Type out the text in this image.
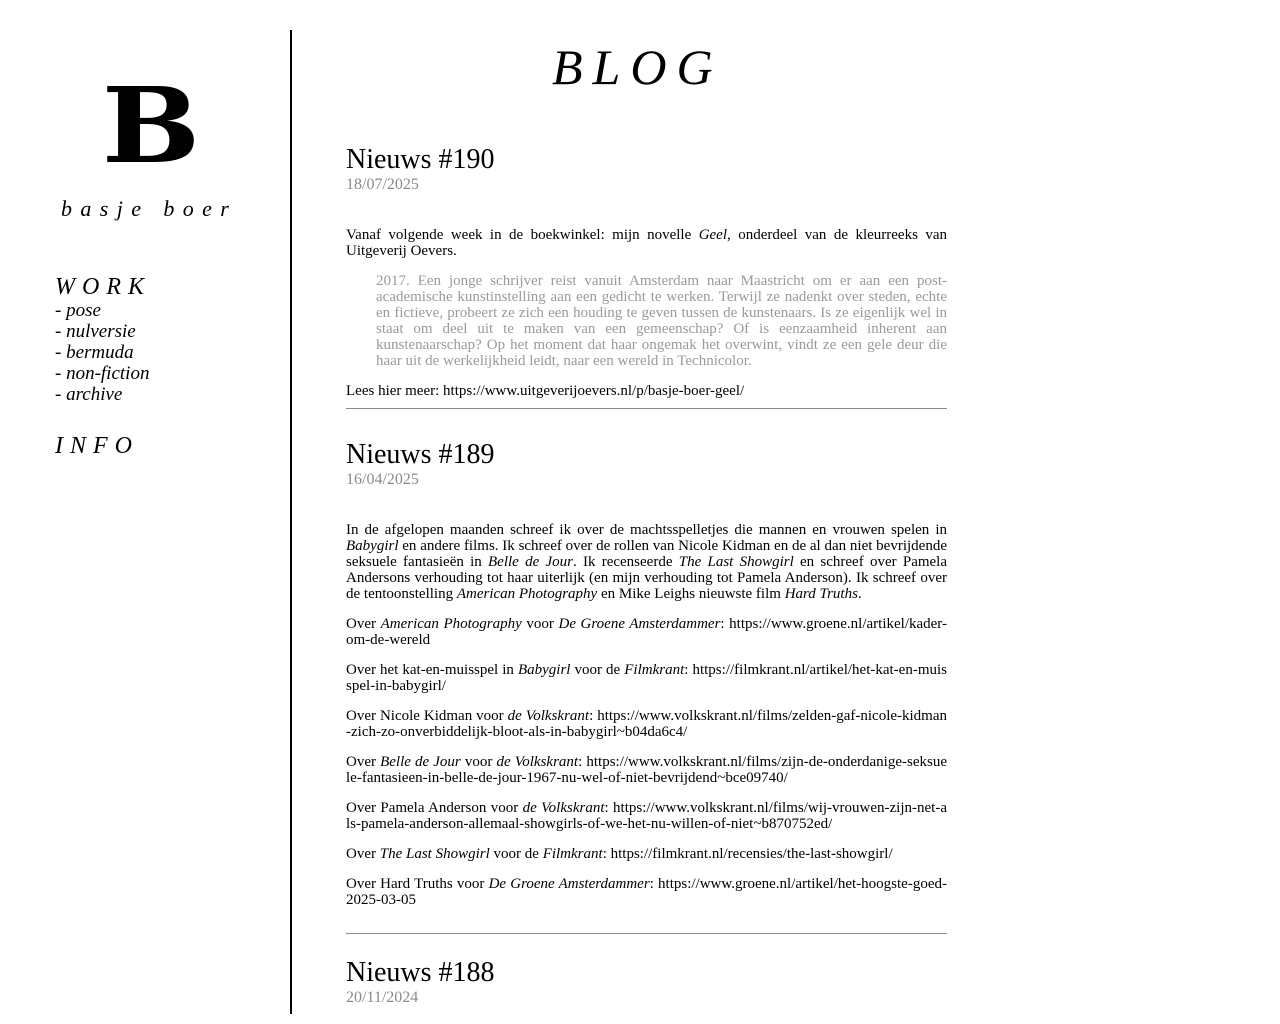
B
basje boer
WORK
- pose
- nulversie
- bermuda
- non-fiction
- archive
INFO
BLOG
Nieuws #190
18/07/2025

Vanaf volgende week in de boekwinkel: mijn novelle Geel, onderdeel van de kleurreeks van Uitgeverij Oevers.

2017. Een jonge schrijver reist vanuit Amsterdam naar Maastricht om er aan een post-academische kunstinstelling aan een gedicht te werken. Terwijl ze nadenkt over steden, echte en fictieve, probeert ze zich een houding te geven tussen de kunstenaars. Is ze eigenlijk wel in staat om deel uit te maken van een gemeenschap? Of is eenzaamheid inherent aan kunstenaarschap? Op het moment dat haar ongemak het overwint, vindt ze een gele deur die haar uit de werkelijkheid leidt, naar een wereld in Technicolor.

Lees hier meer: https://www.uitgeverijoevers.nl/p/basje-boer-geel/

Nieuws #189
16/04/2025

In de afgelopen maanden schreef ik over de machtsspelletjes die mannen en vrouwen spelen in Babygirl en andere films. Ik schreef over de rollen van Nicole Kidman en de al dan niet bevrijdende seksuele fantasieën in Belle de Jour. Ik recenseerde The Last Showgirl en schreef over Pamela Andersons verhouding tot haar uiterlijk (en mijn verhouding tot Pamela Anderson). Ik schreef over de tentoonstelling American Photography en Mike Leighs nieuwste film Hard Truths.

Over American Photography voor De Groene Amsterdammer: https://www.groene.nl/artikel/kader-om-de-wereld

Over het kat-en-muisspel in Babygirl voor de Filmkrant: https://filmkrant.nl/artikel/het-kat-en-muisspel-in-babygirl/

Over Nicole Kidman voor de Volkskrant: https://www.volkskrant.nl/films/zelden-gaf-nicole-kidman-zich-zo-onverbiddelijk-bloot-als-in-babygirl~b04da6c4/

Over Belle de Jour voor de Volkskrant: https://www.volkskrant.nl/films/zijn-de-onderdanige-seksuele-fantasieen-in-belle-de-jour-1967-nu-wel-of-niet-bevrijdend~bce09740/

Over Pamela Anderson voor de Volkskrant: https://www.volkskrant.nl/films/wij-vrouwen-zijn-net-als-pamela-anderson-allemaal-showgirls-of-we-het-nu-willen-of-niet~b870752ed/

Over The Last Showgirl voor de Filmkrant: https://filmkrant.nl/recensies/the-last-showgirl/

Over Hard Truths voor De Groene Amsterdammer: https://www.groene.nl/artikel/het-hoogste-goed-2025-03-05

Nieuws #188
20/11/2024
